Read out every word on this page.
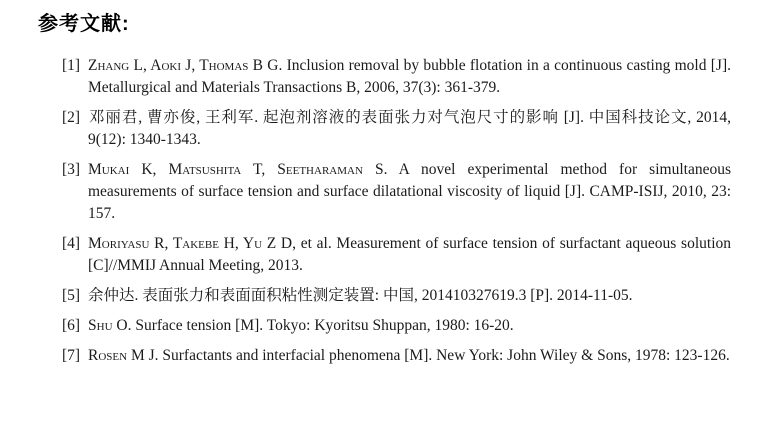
参考文献:
[1] Zhang L, Aoki J, Thomas B G. Inclusion removal by bubble flotation in a continuous casting mold [J]. Metallurgical and Materials Transactions B, 2006, 37(3): 361-379.
[2] 邓丽君, 曹亦俊, 王利军. 起泡剂溶液的表面张力对气泡尺寸的影响 [J]. 中国科技论文, 2014, 9(12): 1340-1343.
[3] Mukai K, Matsushita T, Seetharaman S. A novel experimental method for simultaneous measurements of surface tension and surface dilatational viscosity of liquid [J]. CAMP-ISIJ, 2010, 23: 157.
[4] Moriyasu R, Takebe H, Yu Z D, et al. Measurement of surface tension of surfactant aqueous solution [C]//MMIJ Annual Meeting, 2013.
[5] 余仲达. 表面张力和表面面积粘性测定装置: 中国, 201410327619.3 [P]. 2014-11-05.
[6] Shu O. Surface tension [M]. Tokyo: Kyoritsu Shuppan, 1980: 16-20.
[7] Rosen M J. Surfactants and interfacial phenomena [M]. New York: John Wiley & Sons, 1978: 123-126.
